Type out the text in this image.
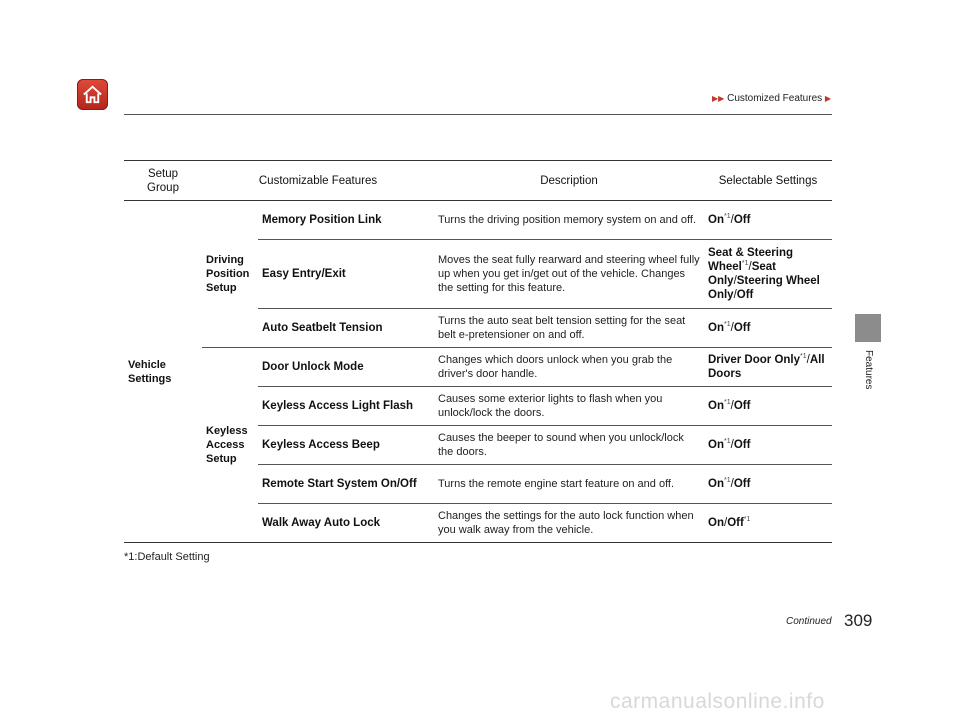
▶▶ Customized Features ▶
Features
Setup Group	Customizable Features		Description	Selectable Settings
Vehicle Settings	Driving Position Setup	Memory Position Link	Turns the driving position memory system on and off.	On$^{*1}$/Off
		Easy Entry/Exit	Moves the seat fully rearward and steering wheel fully up when you get in/get out of the vehicle. Changes the setting for this feature.	Seat & Steering Wheel$^{*1}$/Seat Only/Steering Wheel Only/Off
		Auto Seatbelt Tension	Turns the auto seat belt tension setting for the seat belt e-pretensioner on and off.	On$^{*1}$/Off
	Keyless Access Setup	Door Unlock Mode	Changes which doors unlock when you grab the driver's door handle.	Driver Door Only$^{*1}$/All Doors
		Keyless Access Light Flash	Causes some exterior lights to flash when you unlock/lock the doors.	On$^{*1}$/Off
		Keyless Access Beep	Causes the beeper to sound when you unlock/lock the doors.	On$^{*1}$/Off
		Remote Start System On/Off	Turns the remote engine start feature on and off.	On$^{*1}$/Off
		Walk Away Auto Lock	Changes the settings for the auto lock function when you walk away from the vehicle.	On/Off$^{*1}$
*1:Default Setting
Continued 309
carmanualsonline.info
